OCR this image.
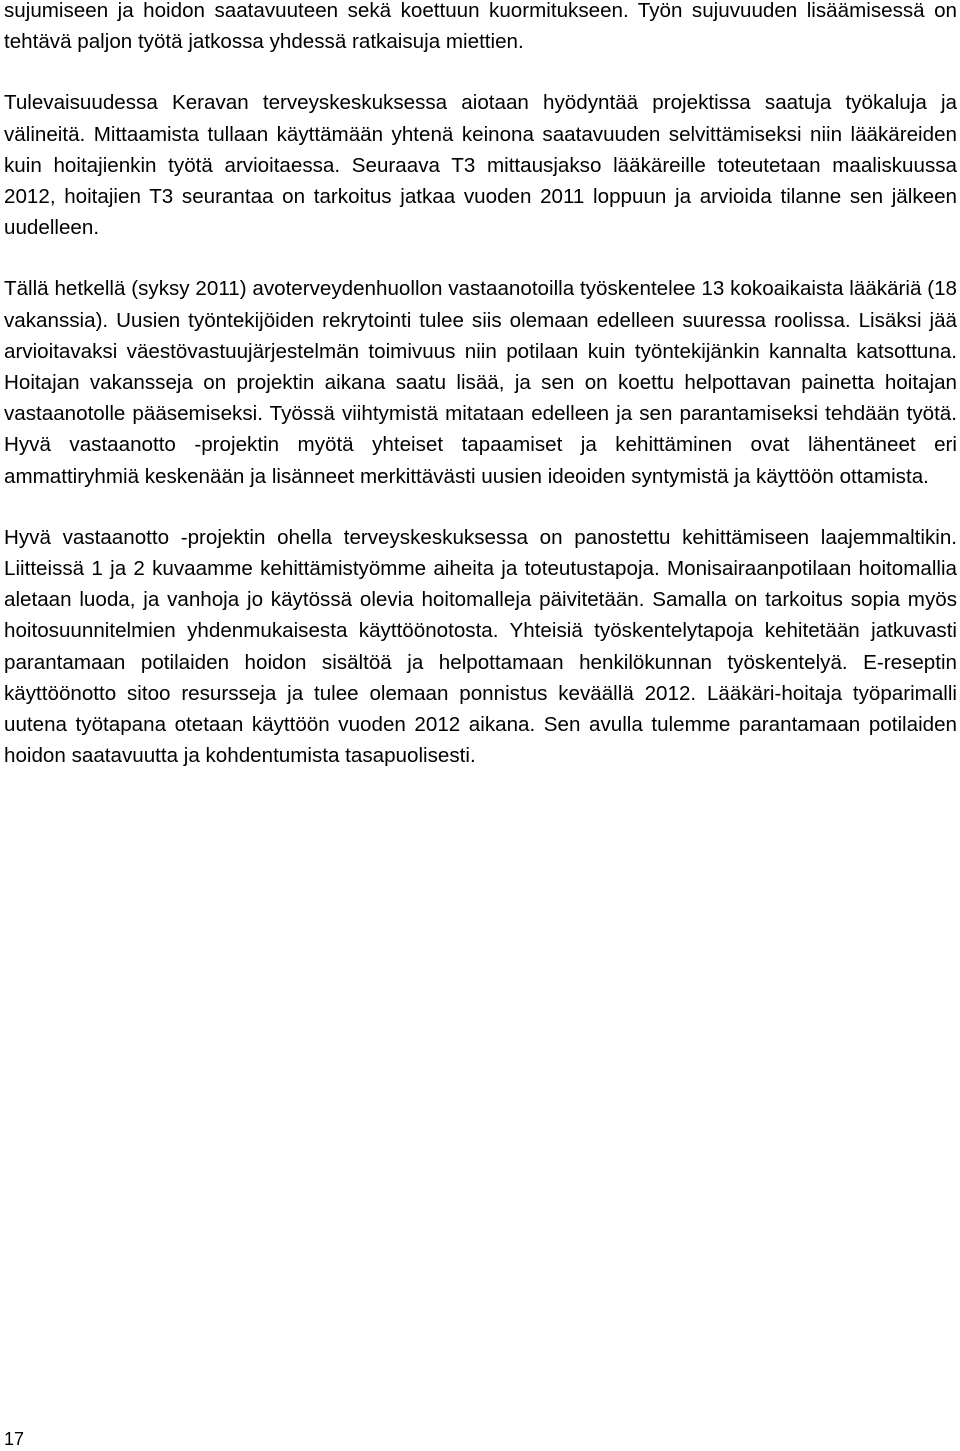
sujumiseen ja hoidon saatavuuteen sekä koettuun kuormitukseen. Työn sujuvuuden lisäämisessä on tehtävä paljon työtä jatkossa yhdessä ratkaisuja miettien.

Tulevaisuudessa Keravan terveyskeskuksessa aiotaan hyödyntää projektissa saatuja työkaluja ja välineitä. Mittaamista tullaan käyttämään yhtenä keinona saatavuuden selvittämiseksi niin lääkäreiden kuin hoitajienkin työtä arvioitaessa. Seuraava T3 mittausjakso lääkäreille toteutetaan maaliskuussa 2012, hoitajien T3 seurantaa on tarkoitus jatkaa vuoden 2011 loppuun ja arvioida tilanne sen jälkeen uudelleen.

Tällä hetkellä (syksy 2011) avoterveydenhuollon vastaanotoilla työskentelee 13 kokoaikaista lääkäriä (18 vakanssia). Uusien työntekijöiden rekrytointi tulee siis olemaan edelleen suuressa roolissa. Lisäksi jää arvioitavaksi väestövastuujärjestelmän toimivuus niin potilaan kuin työntekijänkin kannalta katsottuna. Hoitajan vakansseja on projektin aikana saatu lisää, ja sen on koettu helpottavan painetta hoitajan vastaanotolle pääsemiseksi. Työssä viihtymistä mitataan edelleen ja sen parantamiseksi tehdään työtä. Hyvä vastaanotto -projektin myötä yhteiset tapaamiset ja kehittäminen ovat lähentäneet eri ammattiryhmiä keskenään ja lisänneet merkittävästi uusien ideoiden syntymistä ja käyttöön ottamista.

Hyvä vastaanotto -projektin ohella terveyskeskuksessa on panostettu kehittämiseen laajemmaltikin. Liitteissä 1 ja 2 kuvaamme kehittämistyömme aiheita ja toteutustapoja. Monisairaanpotilaan hoitomallia aletaan luoda, ja vanhoja jo käytössä olevia hoitomalleja päivitetään. Samalla on tarkoitus sopia myös hoitosuunnitelmien yhdenmukaisesta käyttöönotosta. Yhteisiä työskentelytapoja kehitetään jatkuvasti parantamaan potilaiden hoidon sisältöä ja helpottamaan henkilökunnan työskentelyä. E-reseptin käyttöönotto sitoo resursseja ja tulee olemaan ponnistus keväällä 2012. Lääkäri-hoitaja työparimalli uutena työtapana otetaan käyttöön vuoden 2012 aikana. Sen avulla tulemme parantamaan potilaiden hoidon saatavuutta ja kohdentumista tasapuolisesti.

17
